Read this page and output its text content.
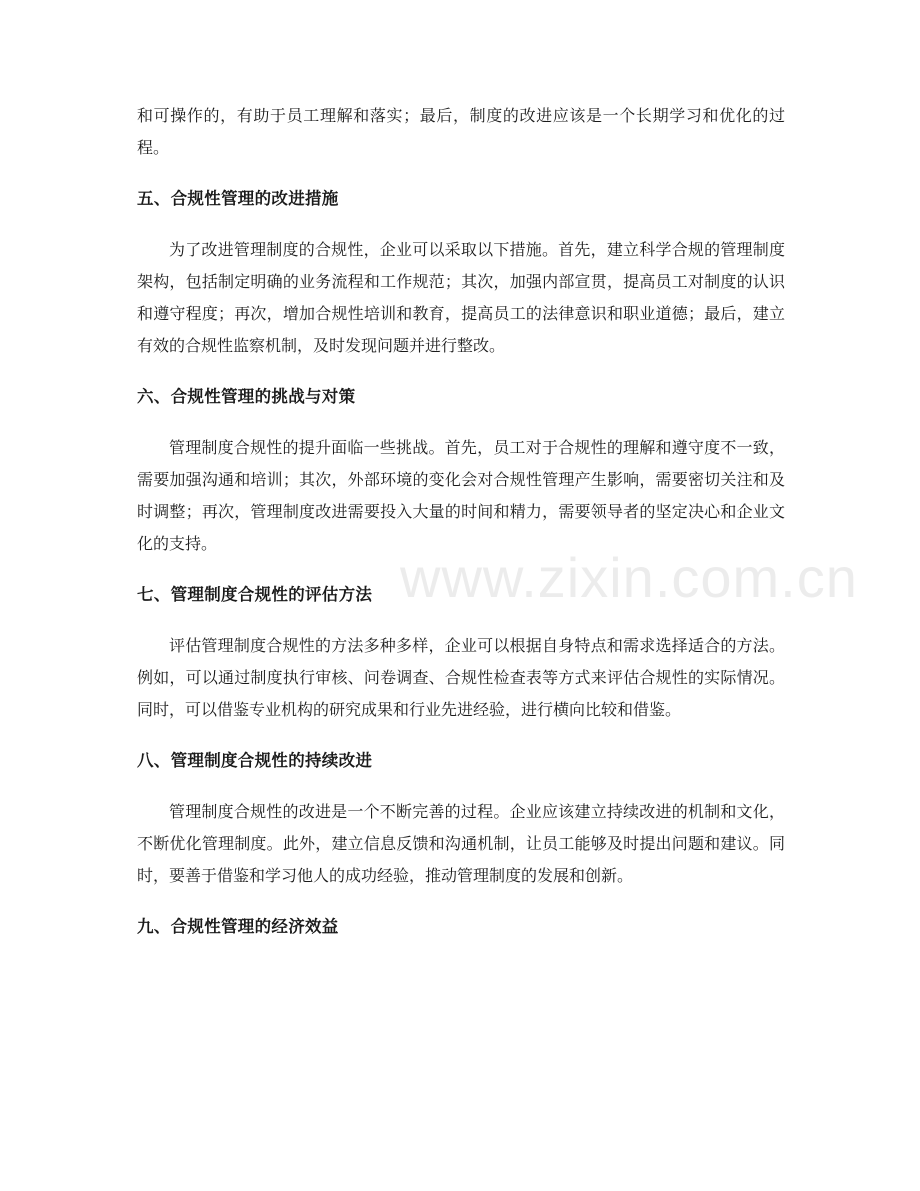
和可操作的，有助于员工理解和落实；最后，制度的改进应该是一个长期学习和优化的过程。

五、合规性管理的改进措施

为了改进管理制度的合规性，企业可以采取以下措施。首先，建立科学合规的管理制度架构，包括制定明确的业务流程和工作规范；其次，加强内部宣贯，提高员工对制度的认识和遵守程度；再次，增加合规性培训和教育，提高员工的法律意识和职业道德；最后，建立有效的合规性监察机制，及时发现问题并进行整改。

六、合规性管理的挑战与对策

管理制度合规性的提升面临一些挑战。首先，员工对于合规性的理解和遵守度不一致，需要加强沟通和培训；其次，外部环境的变化会对合规性管理产生影响，需要密切关注和及时调整；再次，管理制度改进需要投入大量的时间和精力，需要领导者的坚定决心和企业文化的支持。

七、管理制度合规性的评估方法

评估管理制度合规性的方法多种多样，企业可以根据自身特点和需求选择适合的方法。例如，可以通过制度执行审核、问卷调查、合规性检查表等方式来评估合规性的实际情况。同时，可以借鉴专业机构的研究成果和行业先进经验，进行横向比较和借鉴。

八、管理制度合规性的持续改进

管理制度合规性的改进是一个不断完善的过程。企业应该建立持续改进的机制和文化，不断优化管理制度。此外，建立信息反馈和沟通机制，让员工能够及时提出问题和建议。同时，要善于借鉴和学习他人的成功经验，推动管理制度的发展和创新。

九、合规性管理的经济效益
www.zixin.com.cn
